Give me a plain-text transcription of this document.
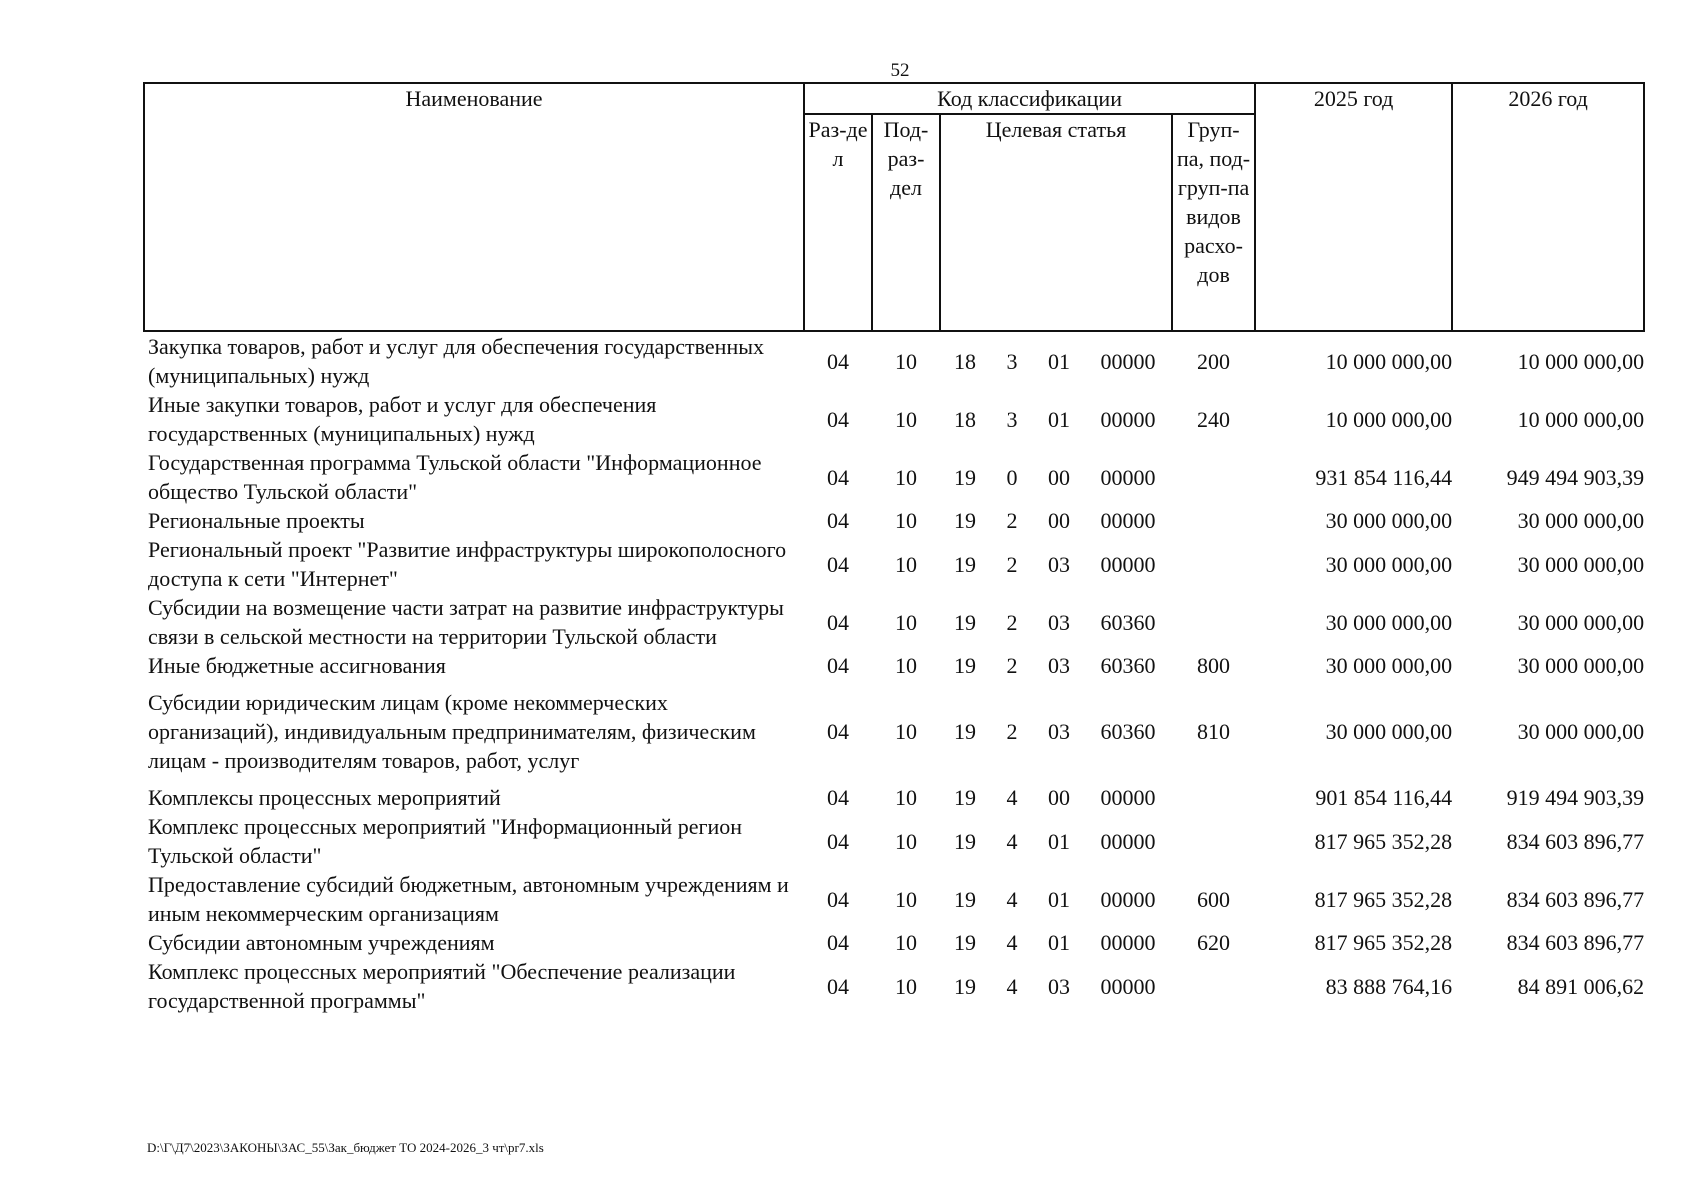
52
Наименование	Код классификации							2025 год	2026 год

	Раз-дел	Под-раз-дел	Целевая статья				Груп-па, под-груп-па видов расхо-дов		

Закупка товаров, работ и услуг для обеспечения государственных (муниципальных) нужд	04	10	18	3	01	00000	200	10 000 000,00	10 000 000,00
Иные закупки товаров, работ и услуг для обеспечения государственных (муниципальных) нужд	04	10	18	3	01	00000	240	10 000 000,00	10 000 000,00
Государственная программа Тульской области "Информационное общество Тульской области"	04	10	19	0	00	00000		931 854 116,44	949 494 903,39
Региональные проекты	04	10	19	2	00	00000		30 000 000,00	30 000 000,00
Региональный проект "Развитие инфраструктуры широкополосного доступа к сети "Интернет"	04	10	19	2	03	00000		30 000 000,00	30 000 000,00
Субсидии на возмещение части затрат на развитие инфраструктуры связи в сельской местности на территории Тульской области	04	10	19	2	03	60360		30 000 000,00	30 000 000,00
Иные бюджетные ассигнования	04	10	19	2	03	60360	800	30 000 000,00	30 000 000,00
Субсидии юридическим лицам (кроме некоммерческих организаций), индивидуальным предпринимателям, физическим лицам - производителям товаров, работ, услуг	04	10	19	2	03	60360	810	30 000 000,00	30 000 000,00
Комплексы процессных мероприятий	04	10	19	4	00	00000		901 854 116,44	919 494 903,39
Комплекс процессных мероприятий "Информационный регион Тульской области"	04	10	19	4	01	00000		817 965 352,28	834 603 896,77
Предоставление субсидий бюджетным, автономным учреждениям и иным некоммерческим организациям	04	10	19	4	01	00000	600	817 965 352,28	834 603 896,77
Субсидии автономным учреждениям	04	10	19	4	01	00000	620	817 965 352,28	834 603 896,77
Комплекс процессных мероприятий "Обеспечение реализации государственной программы"	04	10	19	4	03	00000		83 888 764,16	84 891 006,62
D:\Г\Д7\2023\ЗАКОНЫ\ЗАС_55\Зак_бюджет ТО 2024-2026_3 чт\pr7.xls
